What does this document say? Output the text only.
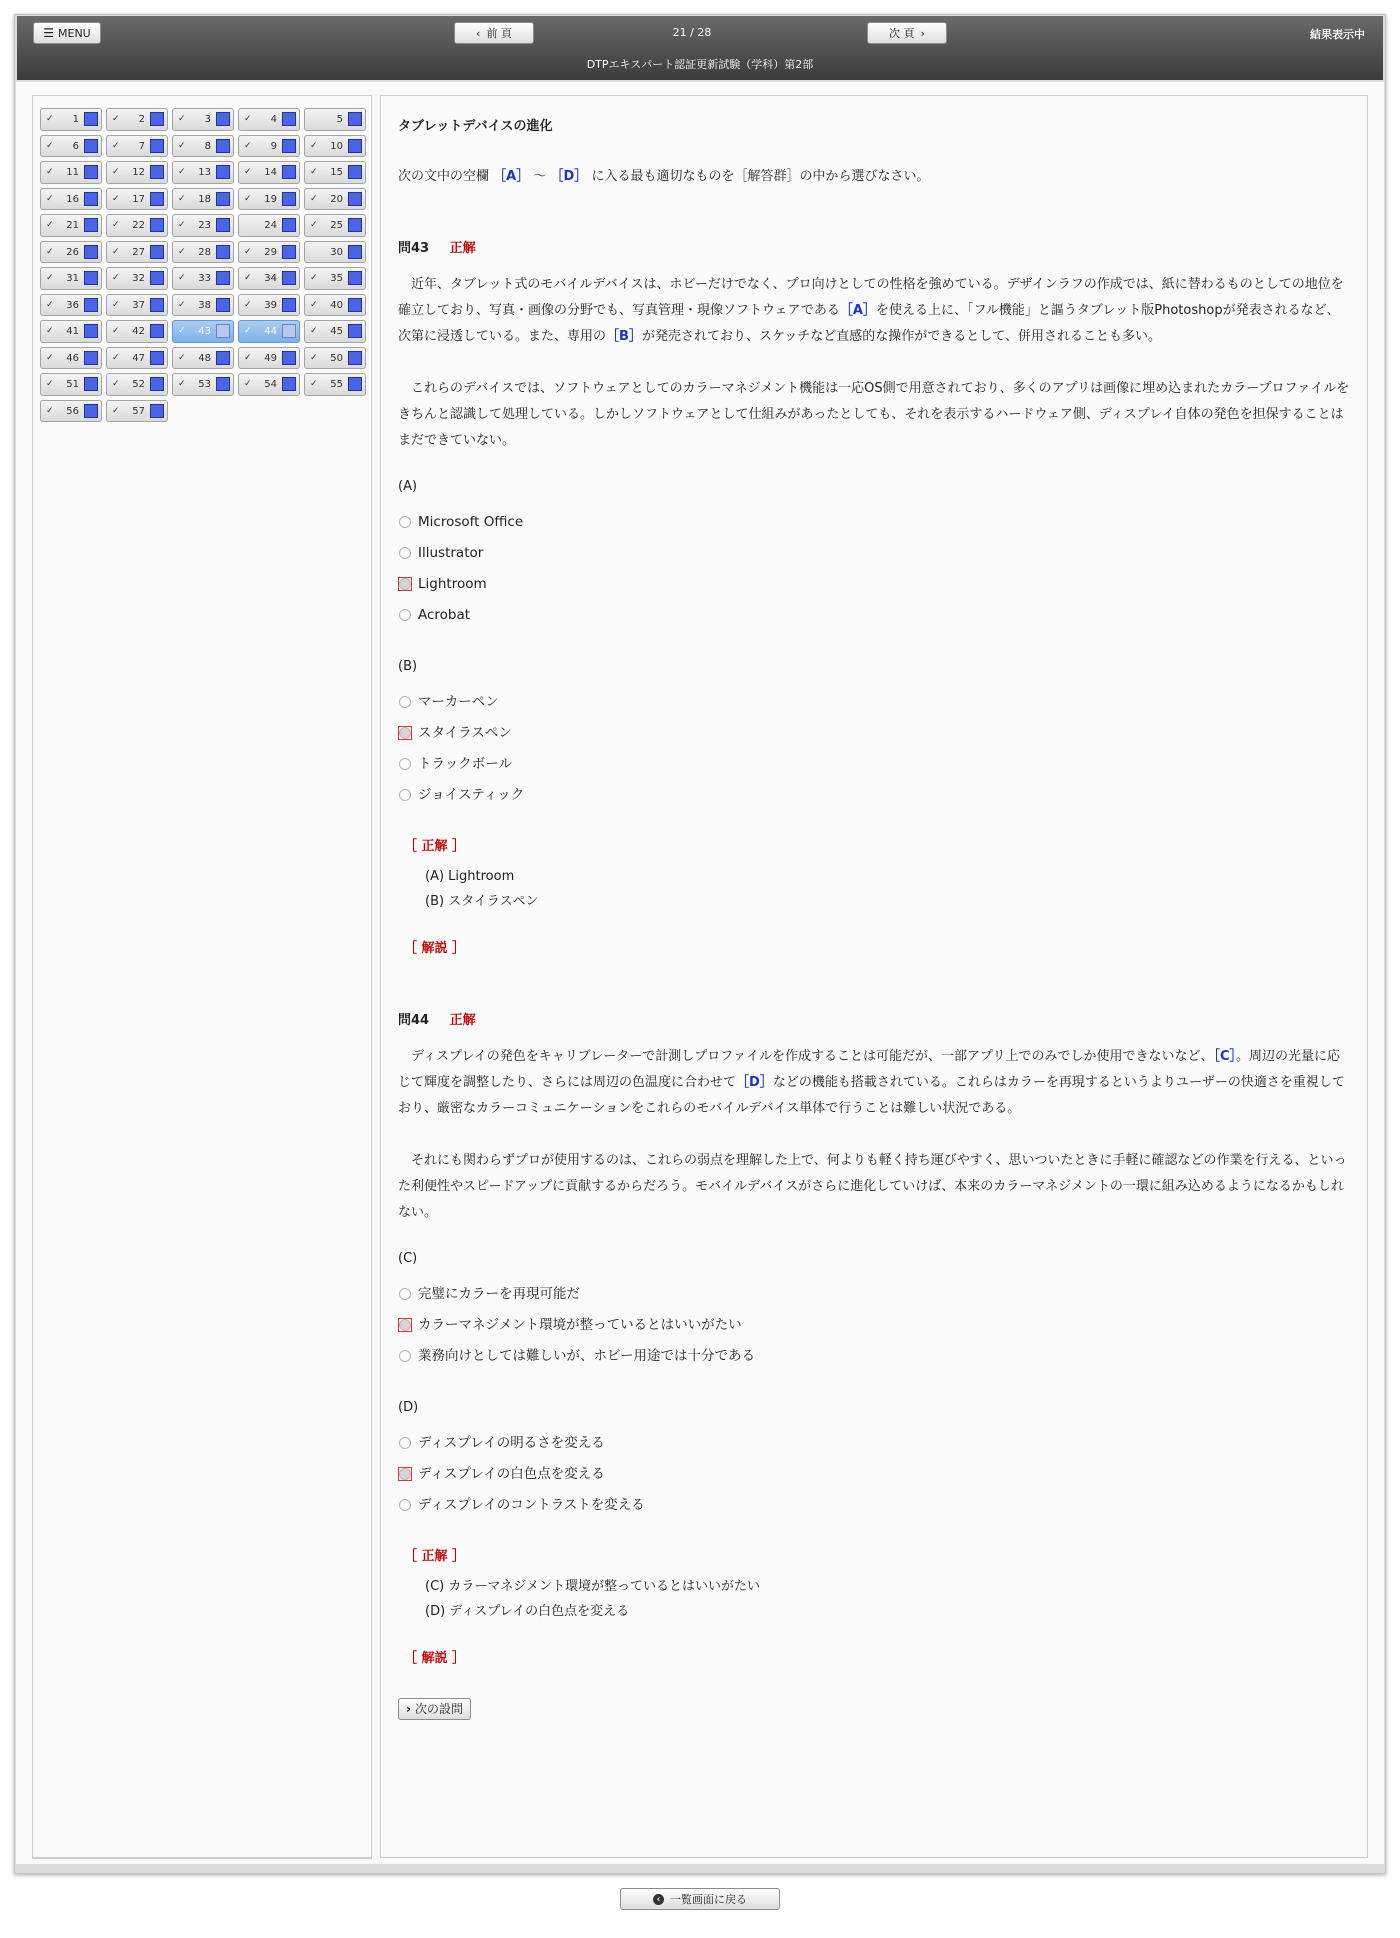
☰ MENU	‹ 前 頁	21 / 28	次 頁 ›	結果表示中
DTPエキスパート認証更新試験（学科）第2部
✓ 1	✓ 2	✓ 3	✓ 4	5
✓ 6	✓ 7	✓ 8	✓ 9	✓ 10
✓ 11	✓ 12	✓ 13	✓ 14	✓ 15
✓ 16	✓ 17	✓ 18	✓ 19	✓ 20
✓ 21	✓ 22	✓ 23	24	✓ 25
✓ 26	✓ 27	✓ 28	✓ 29	30
✓ 31	✓ 32	✓ 33	✓ 34	✓ 35
✓ 36	✓ 37	✓ 38	✓ 39	✓ 40
✓ 41	✓ 42	✓ 43	✓ 44	✓ 45
✓ 46	✓ 47	✓ 48	✓ 49	✓ 50
✓ 51	✓ 52	✓ 53	✓ 54	✓ 55
✓ 56	✓ 57
タブレットデバイスの進化
次の文中の空欄 ［A］ 〜 ［D］ に入る最も適切なものを［解答群］の中から選びなさい。
問43 正解
近年、タブレット式のモバイルデバイスは、ホビーだけでなく、プロ向けとしての性格を強めている。デザインラフの作成では、紙に替わるものとしての地位を確立しており、写真・画像の分野でも、写真管理・現像ソフトウェアである［A］を使える上に、「フル機能」と謳うタブレット版Photoshopが発表されるなど、次第に浸透している。また、専用の［B］が発売されており、スケッチなど直感的な操作ができるとして、併用されることも多い。
これらのデバイスでは、ソフトウェアとしてのカラーマネジメント機能は一応OS側で用意されており、多くのアプリは画像に埋め込まれたカラープロファイルをきちんと認識して処理している。しかしソフトウェアとして仕組みがあったとしても、それを表示するハードウェア側、ディスプレイ自体の発色を担保することはまだできていない。
(A)
Microsoft Office
Illustrator
Lightroom
Acrobat
(B)
マーカーペン
スタイラスペン
トラックボール
ジョイスティック
［ 正解 ］
(A) Lightroom
(B) スタイラスペン
［ 解説 ］
問44 正解
ディスプレイの発色をキャリブレーターで計測しプロファイルを作成することは可能だが、一部アプリ上でのみでしか使用できないなど、［C］。周辺の光量に応じて輝度を調整したり、さらには周辺の色温度に合わせて［D］などの機能も搭載されている。これらはカラーを再現するというよりユーザーの快適さを重視しており、厳密なカラーコミュニケーションをこれらのモバイルデバイス単体で行うことは難しい状況である。
それにも関わらずプロが使用するのは、これらの弱点を理解した上で、何よりも軽く持ち運びやすく、思いついたときに手軽に確認などの作業を行える、といった利便性やスピードアップに貢献するからだろう。モバイルデバイスがさらに進化していけば、本来のカラーマネジメントの一環に組み込めるようになるかもしれない。
(C)
完璧にカラーを再現可能だ
カラーマネジメント環境が整っているとはいいがたい
業務向けとしては難しいが、ホビー用途では十分である
(D)
ディスプレイの明るさを変える
ディスプレイの白色点を変える
ディスプレイのコントラストを変える
［ 正解 ］
(C) カラーマネジメント環境が整っているとはいいがたい
(D) ディスプレイの白色点を変える
［ 解説 ］
› 次の設問
‹ 一覧画面に戻る
